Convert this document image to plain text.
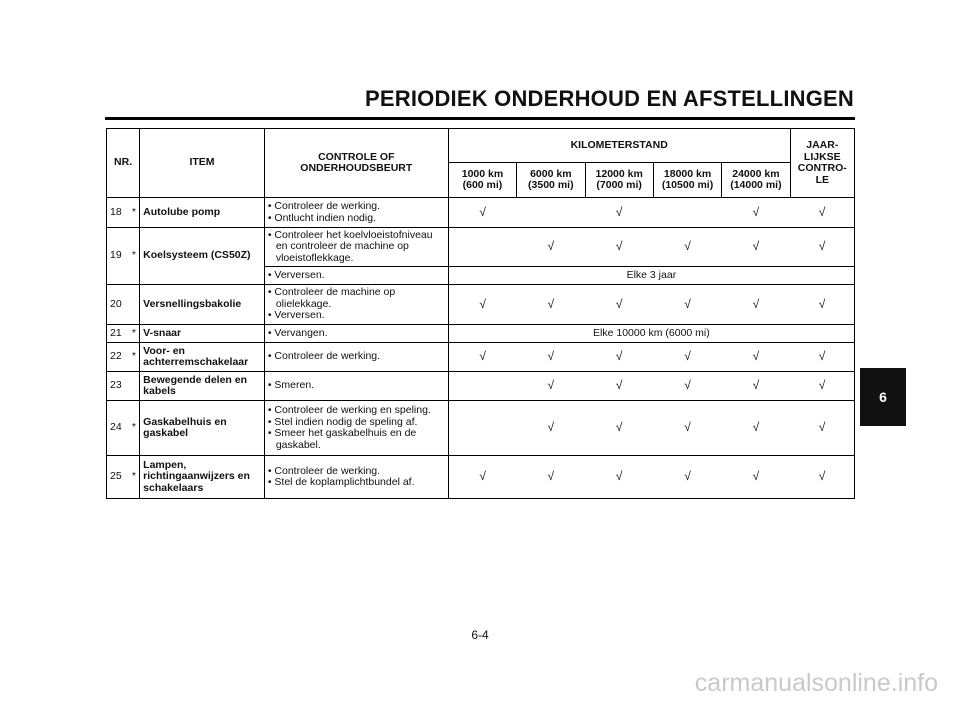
PERIODIEK ONDERHOUD EN AFSTELLINGEN
NR.		ITEM	CONTROLE OF ONDERHOUDSBEURT	KILOMETERSTAND					JAAR- LIJKSE CONTRO- LE
				1000 km (600 mi)	6000 km (3500 mi)	12000 km (7000 mi)	18000 km (10500 mi)	24000 km (14000 mi)	
18	*	Autolube pomp	• Controleer de werking.
• Ontlucht indien nodig.	√		√		√	√
19	*	Koelsysteem (CS50Z)	• Controleer het koelvloeistofniveau en controleer de machine op vloeistoflekkage.		√	√	√	√	√

			• Verversen.	Elke 3 jaar					
20		Versnellingsbakolie	• Controleer de machine op olielekkage.
• Verversen.	√	√	√	√	√	√
21	*	V-snaar	• Vervangen.	Elke 10000 km (6000 mi)					
22	*	Voor- en achterremschakelaar	• Controleer de werking.	√	√	√	√	√	√
23		Bewegende delen en kabels	• Smeren.		√	√	√	√	√
24	*	Gaskabelhuis en gaskabel	• Controleer de werking en speling.
• Stel indien nodig de speling af.
• Smeer het gaskabelhuis en de gaskabel.		√	√	√	√	√
25	*	Lampen, richtingaanwijzers en schakelaars	• Controleer de werking.
• Stel de koplamplichtbundel af.	√	√	√	√	√	√
6
6-4
carmanualsonline.info
